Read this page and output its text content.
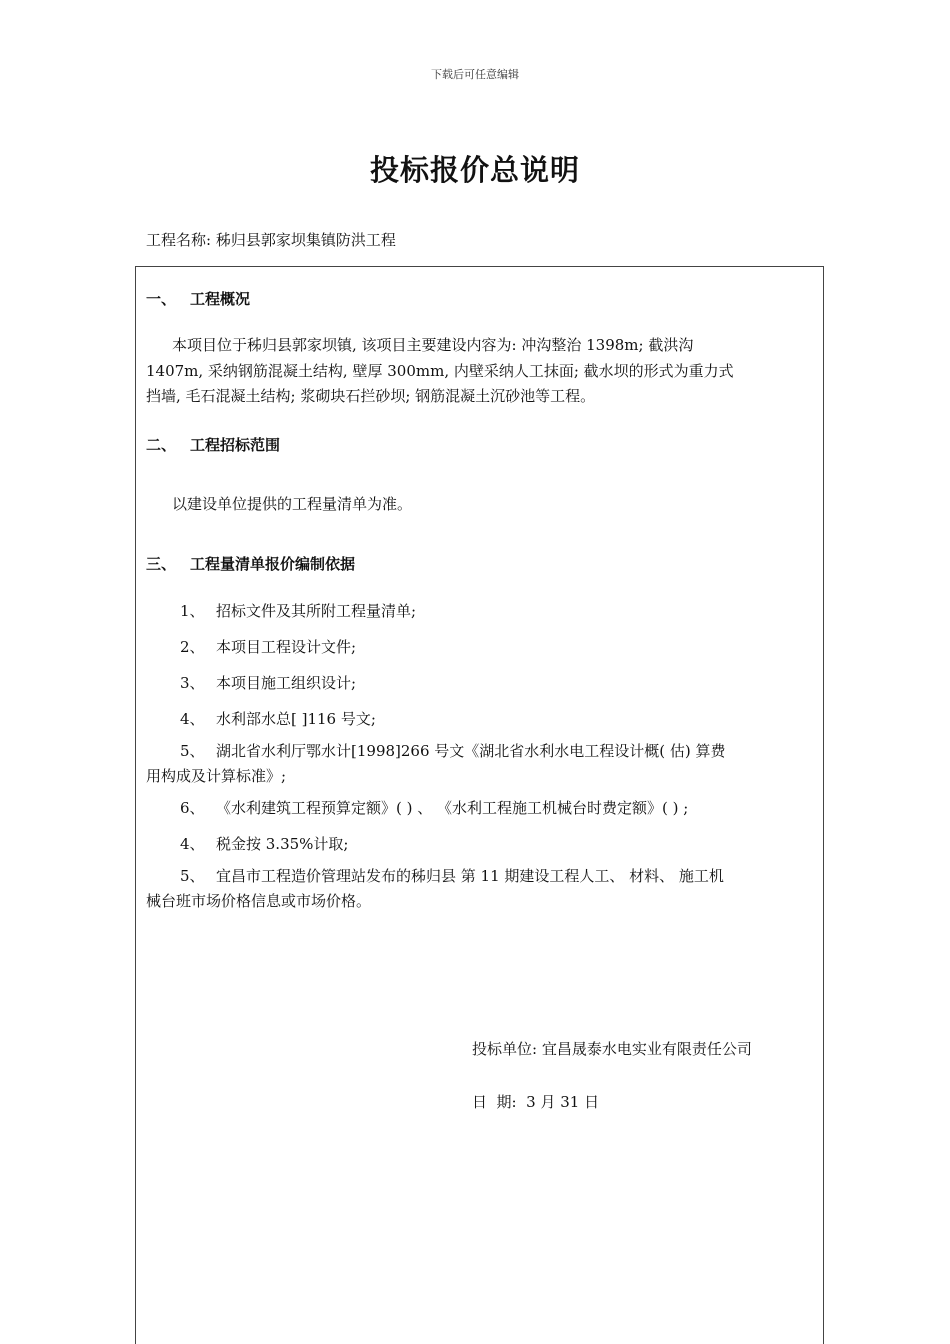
下载后可任意编辑
投标报价总说明
工程名称: 秭归县郭家坝集镇防洪工程
一、 工程概况
本项目位于秭归县郭家坝镇, 该项目主要建设内容为: 冲沟整治 1398m; 截洪沟
1407m, 采纳钢筋混凝土结构, 壁厚 300mm, 内壁采纳人工抹面; 截水坝的形式为重力式
挡墙, 毛石混凝土结构; 浆砌块石拦砂坝; 钢筋混凝土沉砂池等工程。
二、 工程招标范围
以建设单位提供的工程量清单为准。
三、 工程量清单报价编制依据
1、 招标文件及其所附工程量清单;
2、 本项目工程设计文件;
3、 本项目施工组织设计;
4、 水利部水总[ ]116 号文;
5、 湖北省水利厅鄂水计[1998]266 号文《湖北省水利水电工程设计概( 估) 算费
用构成及计算标准》;
6、 《水利建筑工程预算定额》( ) 、 《水利工程施工机械台时费定额》( ) ;
4、 税金按 3.35%计取;
5、 宜昌市工程造价管理站发布的秭归县 第 11 期建设工程人工、 材料、 施工机
械台班市场价格信息或市场价格。
投标单位: 宜昌晟泰水电实业有限责任公司
日  期: 3 月 31 日
